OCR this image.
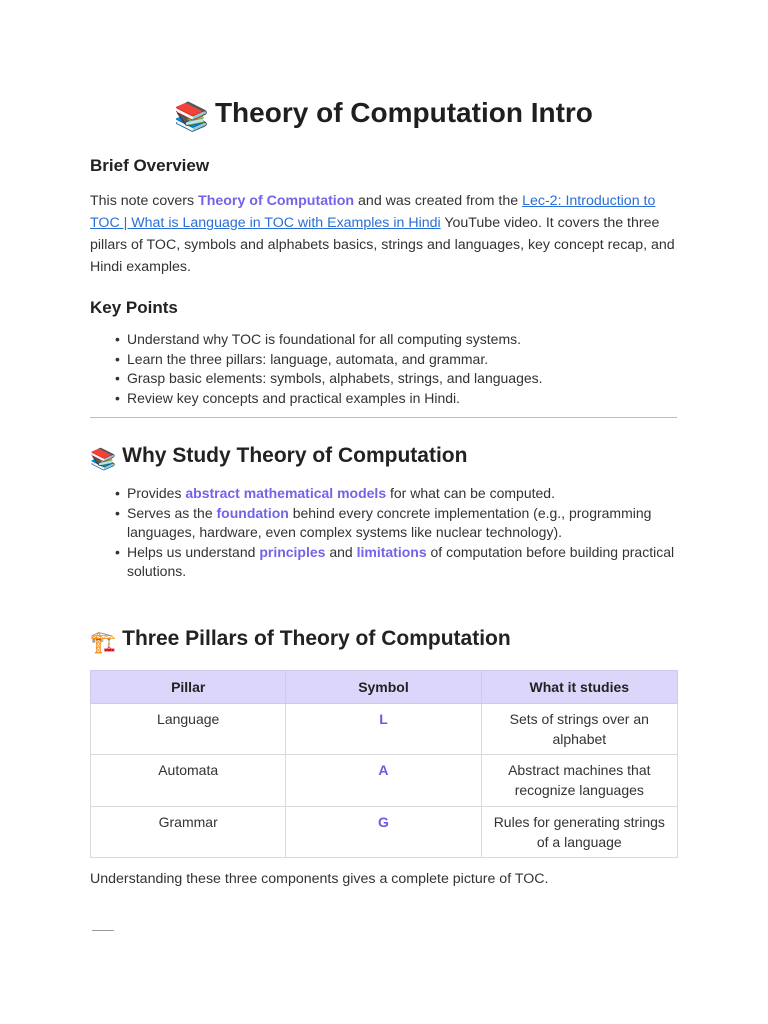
📚 Theory of Computation Intro
Brief Overview

This note covers Theory of Computation and was created from the Lec-2: Introduction to TOC | What is Language in TOC with Examples in Hindi YouTube video. It covers the three pillars of TOC, symbols and alphabets basics, strings and languages, key concept recap, and Hindi examples.

Key Points
• Understand why TOC is foundational for all computing systems.
• Learn the three pillars: language, automata, and grammar.
• Grasp basic elements: symbols, alphabets, strings, and languages.
• Review key concepts and practical examples in Hindi.
📚 Why Study Theory of Computation
• Provides abstract mathematical models for what can be computed.
• Serves as the foundation behind every concrete implementation (e.g., programming languages, hardware, even complex systems like nuclear technology).
• Helps us understand principles and limitations of computation before building practical solutions.
🏗️ Three Pillars of Theory of Computation
Pillar	Symbol	What it studies
Language	L	Sets of strings over an alphabet
Automata	A	Abstract machines that recognize languages
Grammar	G	Rules for generating strings of a language

Understanding these three components gives a complete picture of TOC.
